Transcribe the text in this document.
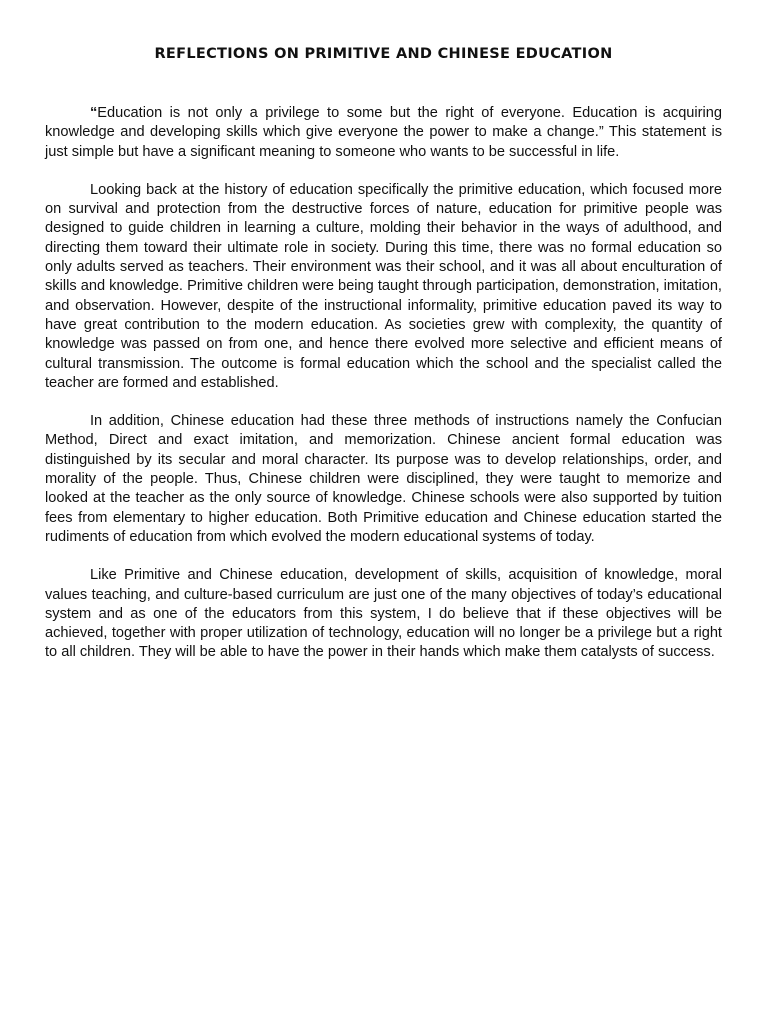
REFLECTIONS ON PRIMITIVE AND CHINESE EDUCATION

“Education is not only a privilege to some but the right of everyone. Education is acquiring knowledge and developing skills which give everyone the power to make a change.” This statement is just simple but have a significant meaning to someone who wants to be successful in life.

Looking back at the history of education specifically the primitive education, which focused more on survival and protection from the destructive forces of nature, education for primitive people was designed to guide children in learning a culture, molding their behavior in the ways of adulthood, and directing them toward their ultimate role in society. During this time, there was no formal education so only adults served as teachers. Their environment was their school, and it was all about enculturation of skills and knowledge. Primitive children were being taught through participation, demonstration, imitation, and observation. However, despite of the instructional informality, primitive education paved its way to have great contribution to the modern education. As societies grew with complexity, the quantity of knowledge was passed on from one, and hence there evolved more selective and efficient means of cultural transmission. The outcome is formal education which the school and the specialist called the teacher are formed and established.

In addition, Chinese education had these three methods of instructions namely the Confucian Method, Direct and exact imitation, and memorization. Chinese ancient formal education was distinguished by its secular and moral character. Its purpose was to develop relationships, order, and morality of the people. Thus, Chinese children were disciplined, they were taught to memorize and looked at the teacher as the only source of knowledge. Chinese schools were also supported by tuition fees from elementary to higher education. Both Primitive education and Chinese education started the rudiments of education from which evolved the modern educational systems of today.

Like Primitive and Chinese education, development of skills, acquisition of knowledge, moral values teaching, and culture-based curriculum are just one of the many objectives of today’s educational system and as one of the educators from this system, I do believe that if these objectives will be achieved, together with proper utilization of technology, education will no longer be a privilege but a right to all children. They will be able to have the power in their hands which make them catalysts of success.
